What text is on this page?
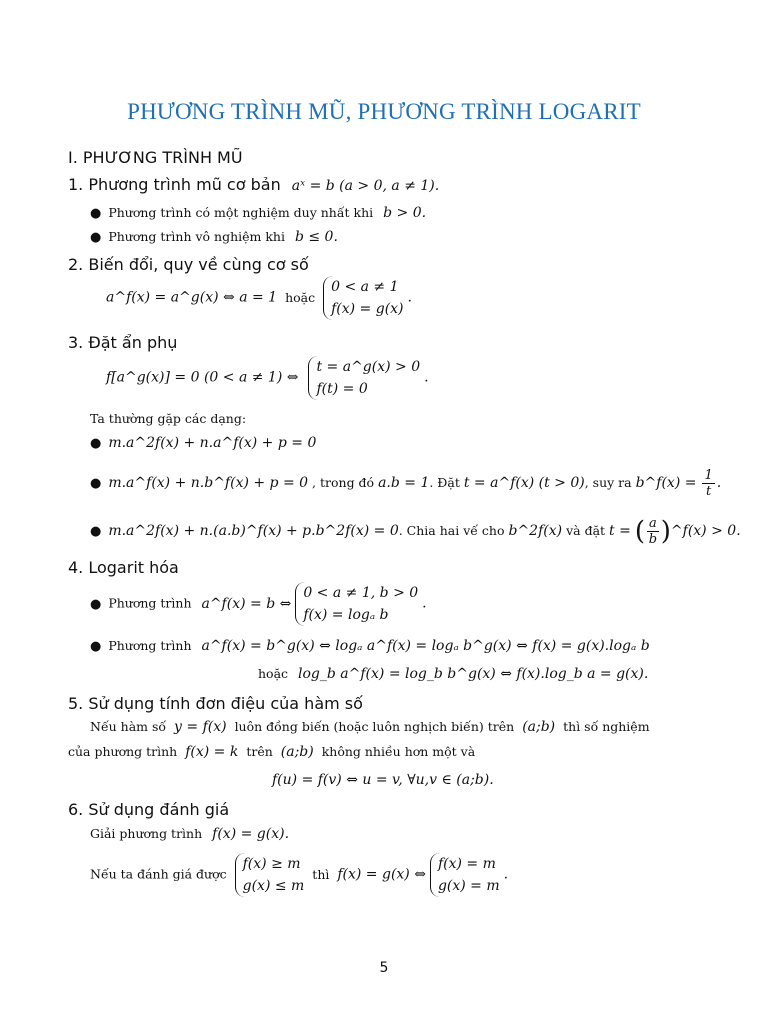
PHƯƠNG TRÌNH MŨ, PHƯƠNG TRÌNH LOGARIT
I. PHƯƠNG TRÌNH MŨ
1. Phương trình mũ cơ bản aˣ = b (a > 0, a ≠ 1).
● Phương trình có một nghiệm duy nhất khi b > 0.
● Phương trình vô nghiệm khi b ≤ 0.
2. Biến đổi, quy về cùng cơ số
a^f(x) = a^g(x) ⇔ a = 1 hoặc
0 < a ≠ 1
f(x) = g(x)
.
3. Đặt ẩn phụ
f[a^g(x)] = 0 (0 < a ≠ 1) ⇔
t = a^g(x) > 0
f(t) = 0
.
Ta thường gặp các dạng:
● m.a^2f(x) + n.a^f(x) + p = 0
● m.a^f(x) + n.b^f(x) + p = 0 , trong đó a.b = 1. Đặt t = a^f(x) (t > 0), suy ra b^f(x) = $\frac{1}{t}$ .
● m.a^2f(x) + n.(a.b)^f(x) + p.b^2f(x) = 0. Chia hai vế cho b^2f(x) và đặt t = ( $\frac{a}{b}$ )^f(x) > 0.
4. Logarit hóa
● Phương trình a^f(x) = b ⇔
0 < a ≠ 1, b > 0
f(x) = logₐ b
.
● Phương trình a^f(x) = b^g(x) ⇔ logₐ a^f(x) = logₐ b^g(x) ⇔ f(x) = g(x).logₐ b
hoặc log_b a^f(x) = log_b b^g(x) ⇔ f(x).log_b a = g(x).
5. Sử dụng tính đơn điệu của hàm số
Nếu hàm số y = f(x) luôn đồng biến (hoặc luôn nghịch biến) trên (a;b) thì số nghiệm
của phương trình f(x) = k trên (a;b) không nhiều hơn một và
f(u) = f(v) ⇔ u = v, ∀u,v ∈ (a;b).
6. Sử dụng đánh giá
Giải phương trình f(x) = g(x).
Nếu ta đánh giá được
f(x) ≥ m
g(x) ≤ m
thì f(x) = g(x) ⇔
f(x) = m
g(x) = m
.
5
